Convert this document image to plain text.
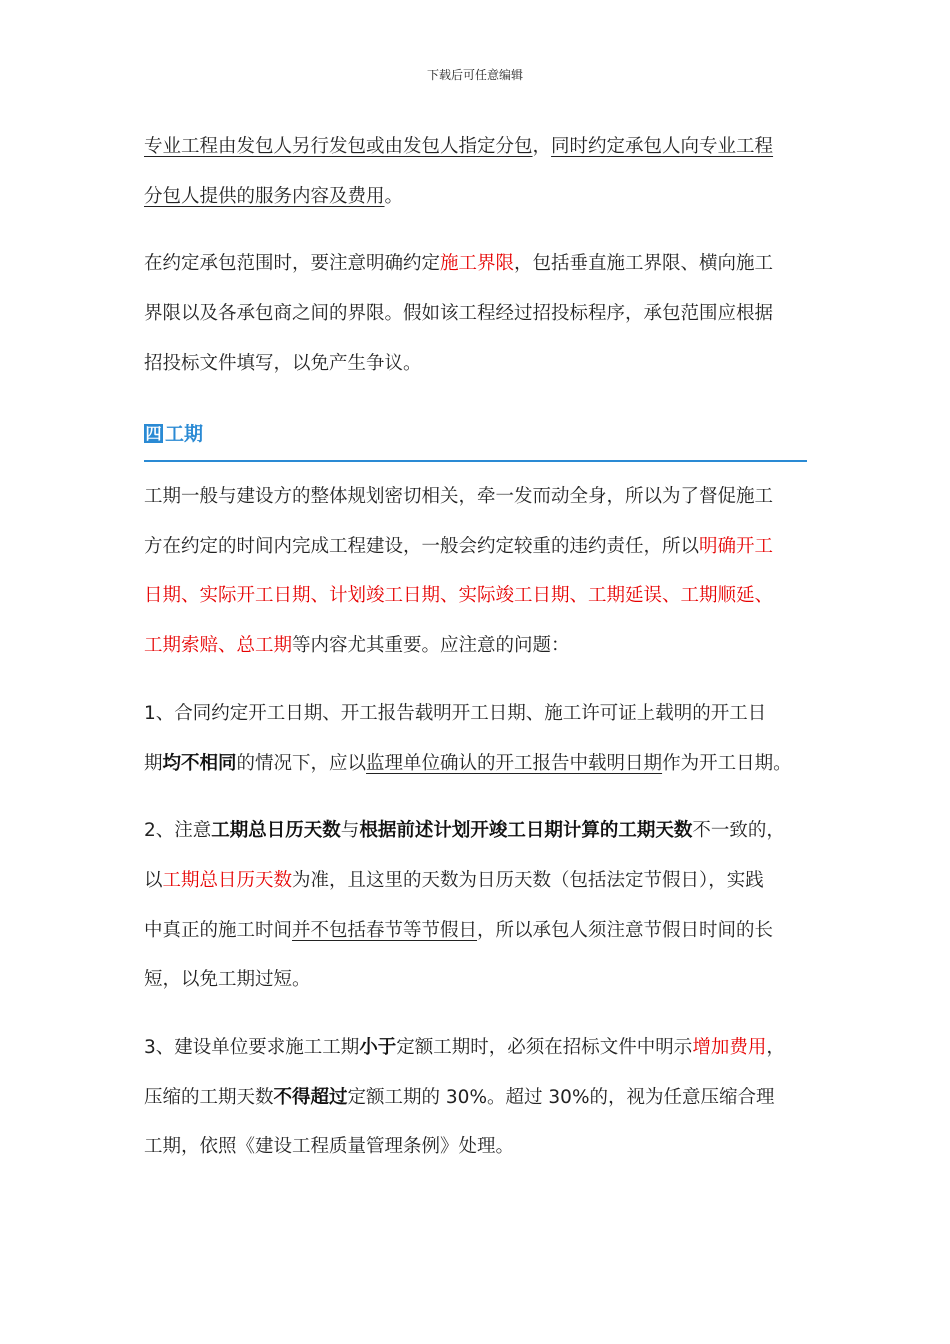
下载后可任意编辑

专业工程由发包人另行发包或由发包人指定分包，同时约定承包人向专业工程

分包人提供的服务内容及费用。

在约定承包范围时，要注意明确约定施工界限，包括垂直施工界限、横向施工

界限以及各承包商之间的界限。假如该工程经过招投标程序，承包范围应根据

招投标文件填写，以免产生争议。

四 工期

工期一般与建设方的整体规划密切相关，牵一发而动全身，所以为了督促施工

方在约定的时间内完成工程建设，一般会约定较重的违约责任，所以明确开工

日期、实际开工日期、计划竣工日期、实际竣工日期、工期延误、工期顺延、

工期索赔、总工期等内容尤其重要。应注意的问题：

1、合同约定开工日期、开工报告载明开工日期、施工许可证上载明的开工日

期均不相同的情况下，应以监理单位确认的开工报告中载明日期作为开工日期。

2、注意工期总日历天数与根据前述计划开竣工日期计算的工期天数不一致的，

以工期总日历天数为准，且这里的天数为日历天数（包括法定节假日），实践

中真正的施工时间并不包括春节等节假日，所以承包人须注意节假日时间的长

短，以免工期过短。

3、建设单位要求施工工期小于定额工期时，必须在招标文件中明示增加费用，

压缩的工期天数不得超过定额工期的 30%。超过 30%的，视为任意压缩合理

工期，依照《建设工程质量管理条例》处理。
